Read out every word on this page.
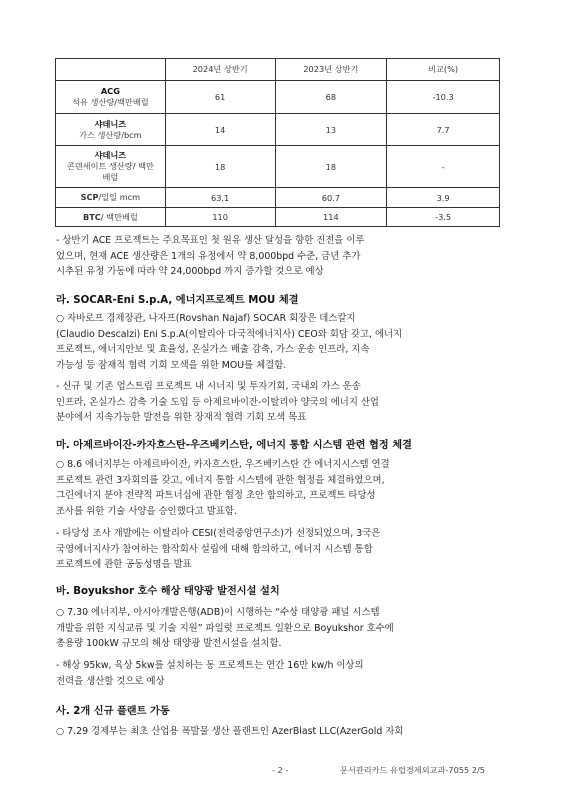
	2024년 상반기	2023년 상반기	비교(%)

ACG
석유 생산량/백만배럴	61	68	-10.3

샤데니즈
가스 생산량/bcm	14	13	7.7

샤데니즈
콘덴세이트 생산량/ 백만
배럴	18	18	-
SCP/일일 mcm	63.1	60.7	3.9
BTC/ 백만배럴	110	114	-3.5
- 상반기 ACE 프로젝트는 주요목표인 첫 원유 생산 달성을 향한 진전을 이루
었으며, 현재 ACE 생산량은 1개의 유정에서 약 8,000bpd 수준, 금년 추가
시추된 유정 가동에 따라 약 24,000bpd 까지 증가할 것으로 예상
라. SOCAR-Eni S.p.A, 에너지프로젝트 MOU 체결
○ 자바로프 경제장관, 나자프(Rovshan Najaf) SOCAR 회장은 데스칼지
(Claudio Descalzi) Eni S.p.A(이탈리아 다국적에너지사) CEO와 회담 갖고, 에너지
프로젝트, 에너지안보 및 효율성, 온실가스 배출 감축, 가스 운송 인프라, 지속
가능성 등 잠재적 협력 기회 모색을 위한 MOU를 체결함.
- 신규 및 기존 업스트림 프로젝트 내 시너지 및 투자기회, 국내외 가스 운송
인프라, 온실가스 감축 기술 도입 등 아제르바이잔-이탈리아 양국의 에너지 산업
분야에서 지속가능한 발전을 위한 장재적 협력 기회 모색 목표
마. 아제르바이잔-카자흐스탄-우즈베키스탄, 에너지 통합 시스템 관련 협정 체결
○ 8.6 에너지부는 아제르바이잔, 카자흐스탄, 우즈베키스탄 간 에너지시스템 연결
프로젝트 관련 3자회의를 갖고, 에너지 통합 시스템에 관한 협정을 체결하였으며,
그린에너지 분야 전략적 파트너십에 관한 협정 초안 합의하고, 프로젝트 타당성
조사를 위한 기술 사양을 승인했다고 발표함.
- 타당성 조사 개발에는 이탈리아 CESI(전력중앙연구소)가 선정되었으며, 3국은
국영에너지사가 참여하는 합작회사 설립에 대해 합의하고, 에너지 시스템 통합
프로젝트에 관한 공동성명을 발표
바. Boyukshor 호수 해상 태양광 발전시설 설치
○ 7.30 에너지부, 아시아개발은행(ADB)이 시행하는 “수상 태양광 패널 시스템
개발을 위한 지식교류 및 기술 지원” 파일럿 프로젝트 일환으로 Boyukshor 호수에
총용량 100kW 규모의 해상 태양광 발전시설을 설치함.
- 해상 95kw, 육상 5kw를 설치하는 동 프로젝트는 연간 16만 kw/h 이상의
전력을 생산할 것으로 예상
사. 2개 신규 플랜트 가동
○ 7.29 경제부는 최초 산업용 폭발물 생산 플랜트인 AzerBlast LLC(AzerGold 자회
- 2 -	문서관리카드 유럽경제외교과-7055 2/5
